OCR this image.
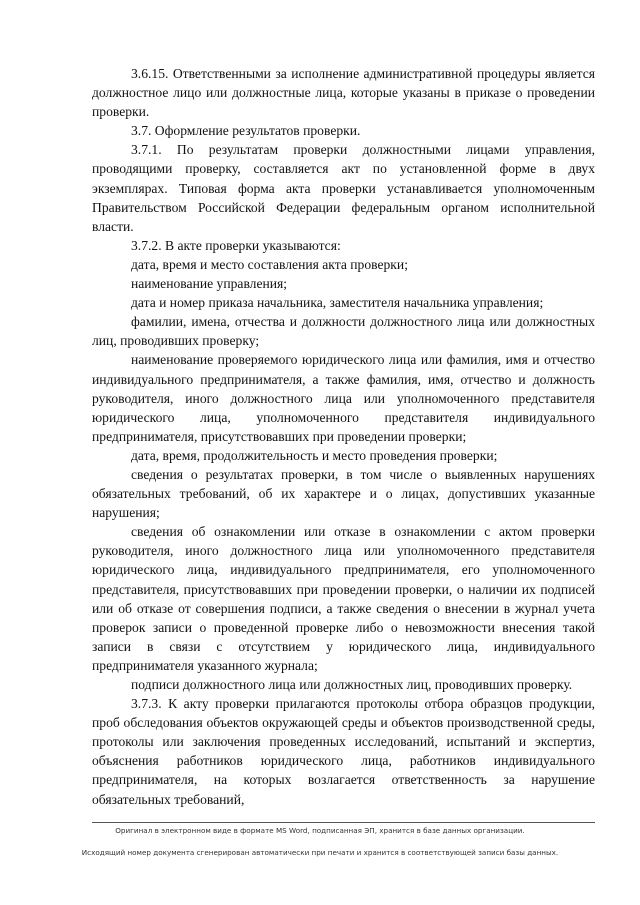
3.6.15. Ответственными за исполнение административной процедуры является должностное лицо или должностные лица, которые указаны в приказе о проведении проверки.

3.7. Оформление результатов проверки.

3.7.1. По результатам проверки должностными лицами управления, проводящими проверку, составляется акт по установленной форме в двух экземплярах. Типовая форма акта проверки устанавливается уполномоченным Правительством Российской Федерации федеральным органом исполнительной власти.

3.7.2. В акте проверки указываются:

дата, время и место составления акта проверки;

наименование управления;

дата и номер приказа начальника, заместителя начальника управления;

фамилии, имена, отчества и должности должностного лица или должностных лиц, проводивших проверку;

наименование проверяемого юридического лица или фамилия, имя и отчество индивидуального предпринимателя, а также фамилия, имя, отчество и должность руководителя, иного должностного лица или уполномоченного представителя юридического лица, уполномоченного представителя индивидуального предпринимателя, присутствовавших при проведении проверки;

дата, время, продолжительность и место проведения проверки;

сведения о результатах проверки, в том числе о выявленных нарушениях обязательных требований, об их характере и о лицах, допустивших указанные нарушения;

сведения об ознакомлении или отказе в ознакомлении с актом проверки руководителя, иного должностного лица или уполномоченного представителя юридического лица, индивидуального предпринимателя, его уполномоченного представителя, присутствовавших при проведении проверки, о наличии их подписей или об отказе от совершения подписи, а также сведения о внесении в журнал учета проверок записи о проведенной проверке либо о невозможности внесения такой записи в связи с отсутствием у юридического лица, индивидуального предпринимателя указанного журнала;

подписи должностного лица или должностных лиц, проводивших проверку.

3.7.3. К акту проверки прилагаются протоколы отбора образцов продукции, проб обследования объектов окружающей среды и объектов производственной среды, протоколы или заключения проведенных исследований, испытаний и экспертиз, объяснения работников юридического лица, работников индивидуального предпринимателя, на которых возлагается ответственность за нарушение обязательных требований,

Оригинал в электронном виде в формате MS Word, подписанная ЭП, хранится в базе данных организации.
Исходящий номер документа сгенерирован автоматически при печати и хранится в соответствующей записи базы данных.
